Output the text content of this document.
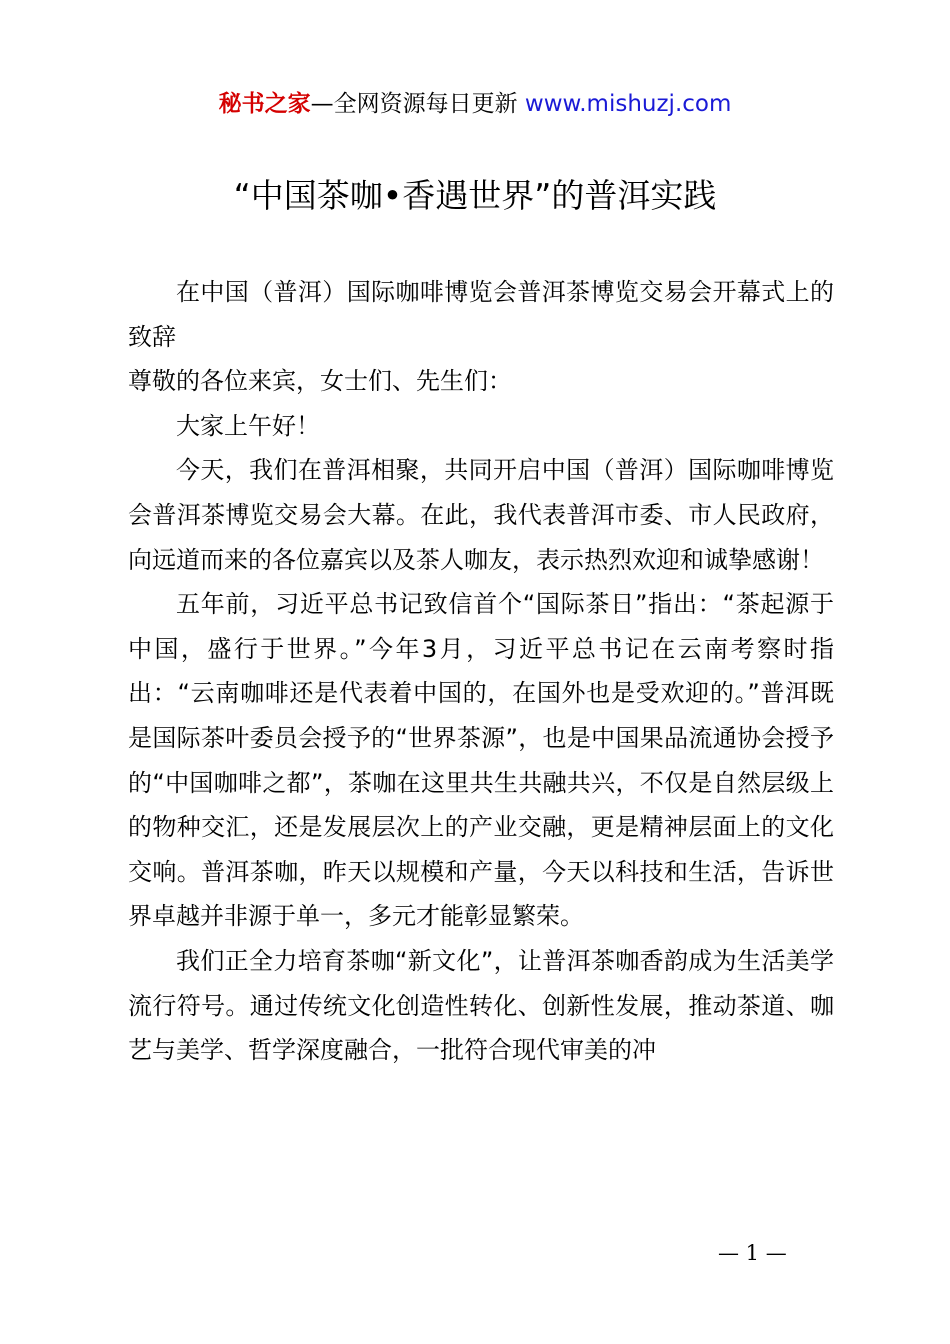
秘书之家—全网资源每日更新 www.mishuzj.com
“中国茶咖•香遇世界”的普洱实践

在中国（普洱）国际咖啡博览会普洱茶博览交易会开幕式上的致辞

尊敬的各位来宾，女士们、先生们：

大家上午好！

今天，我们在普洱相聚，共同开启中国（普洱）国际咖啡博览会普洱茶博览交易会大幕。在此，我代表普洱市委、市人民政府，向远道而来的各位嘉宾以及茶人咖友，表示热烈欢迎和诚挚感谢！

五年前，习近平总书记致信首个“国际茶日”指出：“茶起源于中国，盛行于世界。”今年3月，习近平总书记在云南考察时指出：“云南咖啡还是代表着中国的，在国外也是受欢迎的。”普洱既是国际茶叶委员会授予的“世界茶源”，也是中国果品流通协会授予的“中国咖啡之都”，茶咖在这里共生共融共兴，不仅是自然层级上的物种交汇，还是发展层次上的产业交融，更是精神层面上的文化交响。普洱茶咖，昨天以规模和产量，今天以科技和生活，告诉世界卓越并非源于单一，多元才能彰显繁荣。

我们正全力培育茶咖“新文化”，让普洱茶咖香韵成为生活美学流行符号。通过传统文化创造性转化、创新性发展，推动茶道、咖艺与美学、哲学深度融合，一批符合现代审美的冲

— 1 —
